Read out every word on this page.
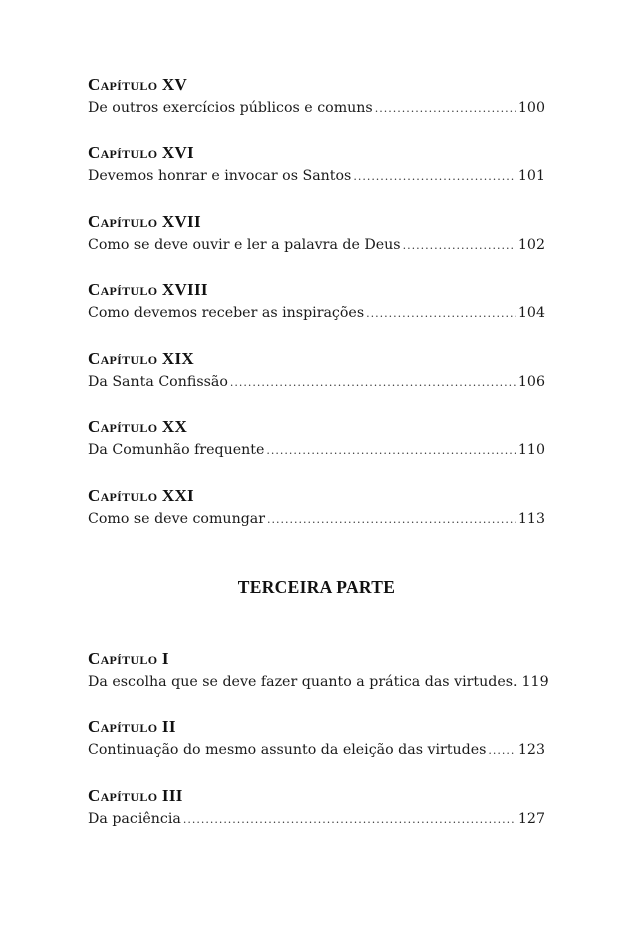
Capítulo XV
De outros exercícios públicos e comuns .....	100
Capítulo XVI
Devemos honrar e invocar os Santos .....	101
Capítulo XVII
Como se deve ouvir e ler a palavra de Deus .....	102
Capítulo XVIII
Como devemos receber as inspirações .....	104
Capítulo XIX
Da Santa Confissão .....	106
Capítulo XX
Da Comunhão frequente .....	110
Capítulo XXI
Como se deve comungar .....	113
TERCEIRA PARTE
Capítulo I
Da escolha que se deve fazer quanto a prática das virtudes. 119
Capítulo II
Continuação do mesmo assunto da eleição das virtudes ..... 123
Capítulo III
Da paciência .....	127
